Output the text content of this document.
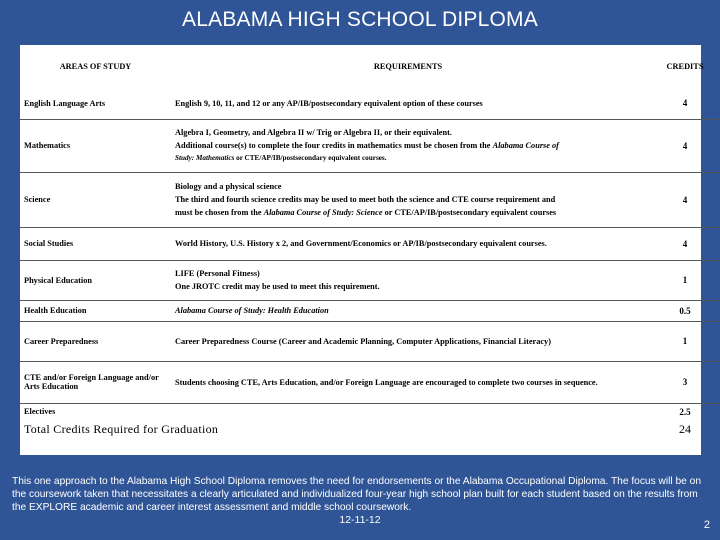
ALABAMA HIGH SCHOOL DIPLOMA
AREAS OF STUDY	REQUIREMENTS	CREDITS
English Language Arts	English 9, 10, 11, and 12 or any AP/IB/postsecondary equivalent option of these courses	4
Mathematics	Algebra I, Geometry, and Algebra II w/ Trig or Algebra II, or their equivalent.
Additional course(s) to complete the four credits in mathematics must be chosen from the Alabama Course of
Study: Mathematics or CTE/AP/IB/postsecondary equivalent courses.	4
Science	Biology and a physical science
The third and fourth science credits may be used to meet both the science and CTE course requirement and
must be chosen from the Alabama Course of Study: Science or CTE/AP/IB/postsecondary equivalent courses	4
Social Studies	World History, U.S. History x 2, and Government/Economics or AP/IB/postsecondary equivalent courses.	4
Physical Education	LIFE (Personal Fitness)
One JROTC credit may be used to meet this requirement.	1
Health Education	Alabama Course of Study: Health Education	0.5
Career Preparedness	Career Preparedness Course (Career and Academic Planning, Computer Applications, Financial Literacy)	1
CTE and/or Foreign Language and/or Arts Education	Students choosing CTE, Arts Education, and/or Foreign Language are encouraged to complete two courses in sequence.	3
Electives		2.5
Total Credits Required for Graduation		24
This one approach to the Alabama High School Diploma removes the need for endorsements or the Alabama Occupational Diploma. The focus will be on the coursework taken that necessitates a clearly articulated and individualized four-year high school plan built for each student based on the results from the EXPLORE academic and career interest assessment and middle school coursework.
12-11-12	2
